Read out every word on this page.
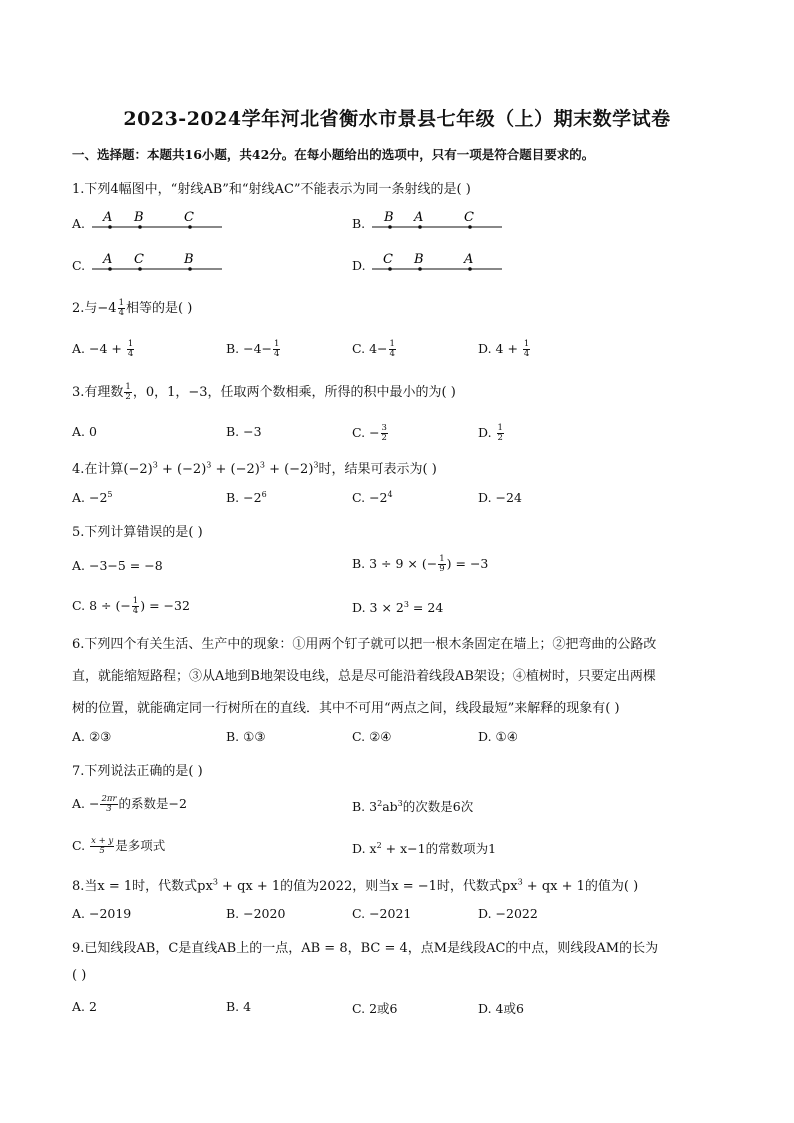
2023-2024学年河北省衡水市景县七年级（上）期末数学试卷
一、选择题：本题共16小题，共42分。在每小题给出的选项中，只有一项是符合题目要求的。
1.下列4幅图中，“射线AB”和“射线AC”不能表示为同一条射线的是( )
A. A B	C	B. B A	C
C. A C	B	D. C B	A
2.与$-4 \frac{1}{4}$ 相等的是( )
A. $-4 + \frac{1}{4}$	B. $-4- \frac{1}{4}$	C. $4- \frac{1}{4}$	D. $4 + \frac{1}{4}$
3.有理数 $\frac{1}{2}$ ，0，1，−3，任取两个数相乘，所得的积中最小的为( )
A. 0	B. −3	C. − $\frac{3}{2}$	D. $\frac{1}{2}$
4.在计算$(-2)^3 + (-2)^3 + (-2)^3 + (-2)^3$时，结果可表示为( )
A. $-2^5$	B. $-2^6$	C. $-2^4$	D. −24
5.下列计算错误的是( )
A. −3−5 = −8	B. 3 ÷ 9 × (− $\frac{1}{9}$ ) = −3
C. 8 ÷ (− $\frac{1}{4}$ ) = −32	D. $3 \times 2^3 = 24$
6.下列四个有关生活、生产中的现象：①用两个钉子就可以把一根木条固定在墙上；②把弯曲的公路改
直，就能缩短路程；③从A地到B地架设电线，总是尽可能沿着线段AB架设；④植树时，只要定出两棵
树的位置，就能确定同一行树所在的直线．其中不可用“两点之间，线段最短”来解释的现象有( )
A. ②③	B. ①③	C. ②④	D. ①④
7.下列说法正确的是( )
A. − $\frac{2\pi r}{3}$ 的系数是−2	B. $3^2ab^3$的次数是6次
C. $\frac{x + y}{5}$ 是多项式	D. $x^2 + x-1$的常数项为1
8.当x = 1时，代数式$px^3$ + qx + 1的值为2022，则当x = −1时，代数式$px^3$ + qx + 1的值为( )
A. −2019	B. −2020	C. −2021	D. −2022
9.已知线段AB，C是直线AB上的一点，AB = 8，BC = 4，点M是线段AC的中点，则线段AM的长为
( )
A. 2	B. 4	C. 2或6	D. 4或6
